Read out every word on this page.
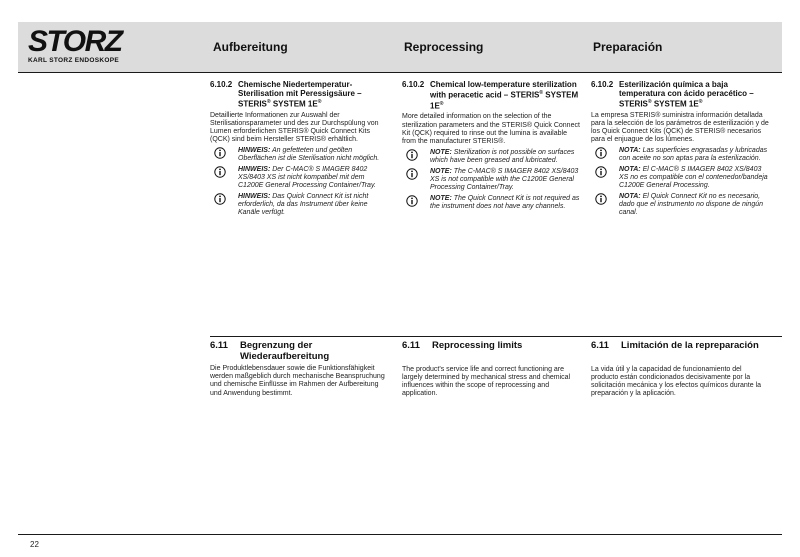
STORZ
KARL STORZ ENDOSKOPE
Aufbereitung	Reprocessing	Preparación
6.10.2 Chemische Niedertemperatur-Sterilisation mit Peressigsäure – STERIS® SYSTEM 1E®
Detaillierte Informationen zur Auswahl der Sterilisationsparameter und des zur Durchspülung von Lumen erforderlichen STERIS® Quick Connect Kits (QCK) sind beim Hersteller STERIS® erhältlich.
HINWEIS: An gefetteten und geölten Oberflächen ist die Sterilisation nicht möglich.
HINWEIS: Der C-MAC® S IMAGER 8402 XS/8403 XS ist nicht kompatibel mit dem C1200E General Processing Container/Tray.
HINWEIS: Das Quick Connect Kit ist nicht erforderlich, da das Instrument über keine Kanäle verfügt.
6.10.2 Chemical low-temperature sterilization with peracetic acid – STERIS® SYSTEM 1E®
More detailed information on the selection of the sterilization parameters and the STERIS® Quick Connect Kit (QCK) required to rinse out the lumina is available from the manufacturer STERIS®.
NOTE: Sterilization is not possible on surfaces which have been greased and lubricated.
NOTE: The C-MAC® S IMAGER 8402 XS/8403 XS is not compatible with the C1200E General Processing Container/Tray.
NOTE: The Quick Connect Kit is not required as the instrument does not have any channels.
6.10.2 Esterilización química a baja temperatura con ácido peracético – STERIS® SYSTEM 1E®
La empresa STERIS® suministra información detallada para la selección de los parámetros de esterilización y de los Quick Connect Kits (QCK) de STERIS® necesarios para el enjuague de los lúmenes.
NOTA: Las superficies engrasadas y lubricadas con aceite no son aptas para la esterilización.
NOTA: El C-MAC® S IMAGER 8402 XS/8403 XS no es compatible con el contenedor/bandeja C1200E General Processing.
NOTA: El Quick Connect Kit no es necesario, dado que el instrumento no dispone de ningún canal.
6.11 Begrenzung der Wiederaufbereitung
Die Produktlebensdauer sowie die Funktionsfähigkeit werden maßgeblich durch mechanische Beanspruchung und chemische Einflüsse im Rahmen der Aufbereitung und Anwendung bestimmt.
6.11 Reprocessing limits
The product's service life and correct functioning are largely determined by mechanical stress and chemical influences within the scope of reprocessing and application.
6.11 Limitación de la repreparación
La vida útil y la capacidad de funcionamiento del producto están condicionados decisivamente por la solicitación mecánica y los efectos químicos durante la preparación y la aplicación.
22
